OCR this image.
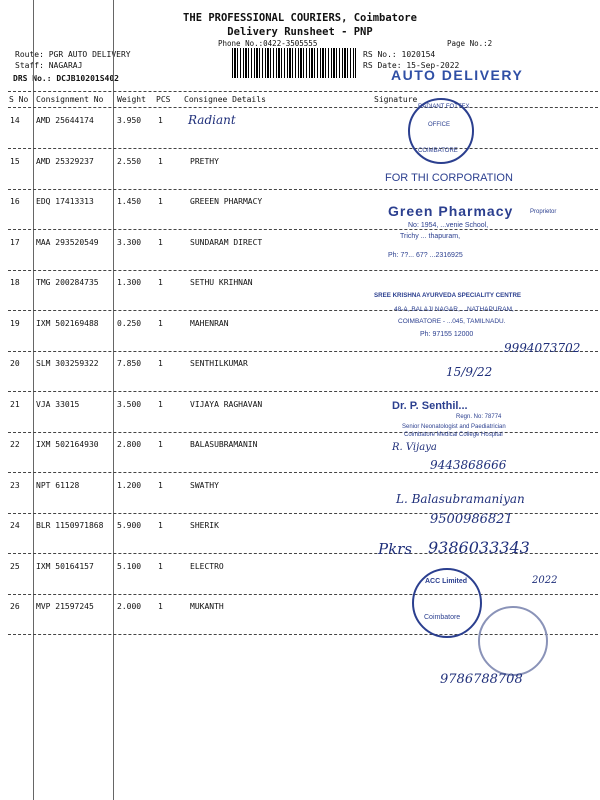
THE PROFESSIONAL COURIERS, Coimbatore
Delivery Runsheet - PNP
Phone No.:0422-3505555	Page No.:2
Route: PGR AUTO DELIVERY
Staff: NAGARAJ
DRS No.: DCJB10201S402
RS No.: 1020154
RS Date: 15-Sep-2022
AUTO DELIVERY
S No Consignment No Weight PCS Consignee Details	Signature
14 AMD 25644174	3.950 1
15 AMD 25329237	2.550 1	PRETHY
16 EDQ 17413313	1.450 1	GREEEN PHARMACY
17 MAA 293520549 3.300 1	SUNDARAM DIRECT
18 TMG 200284735 1.300 1	SETHU KRIHNAN
19 IXM 502169488 0.250 1	MAHENRAN
20 SLM 303259322 7.850 1	SENTHILKUMAR
21 VJA 33015	3.500 1	VIJAYA RAGHAVAN
22 IXM 502164930 2.800 1	BALASUBRAMANIN
23 NPT 61128	1.200 1	SWATHY
24 BLR 1150971868 5.900 1	SHERIK
25 IXM 50164157	5.100 1	ELECTRO
26 MVP 21597245	2.000 1	MUKANTH
RADIANT FOTTEX
OFFICE
COIMBATORE
Radiant
FOR THI CORPORATION
Green Pharmacy	Proprietor
No: 1954, ...venie School,
Trichy ... thapuram,
Ph: 7?... 67? ...2316925
SREE KRISHNA AYURVEDA SPECIALITY CENTRE
48-A, BALAJI NAGAR, ...NATHAPURAM,
COIMBATORE - ...045, TAMILNADU.
Ph: 97155 12000
9994073702
15/9/22
Dr. P. Senthil...
Regn. No: 78774
Senior Neonatologist and Paediatrician
Coimbatore Medical College Hospital
R. Vijaya
9443868666
L. Balasubramaniyan
9500986821
Pkrs 9386033343
ACC Limited
Coimbatore
2022
9786788708
